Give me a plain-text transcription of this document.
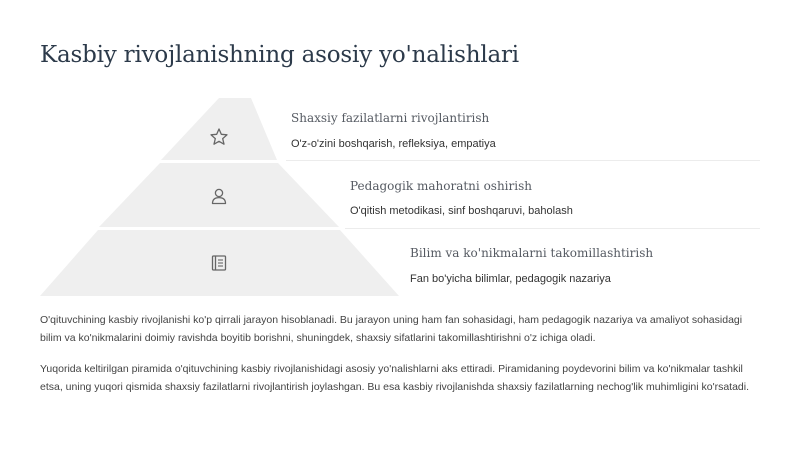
Kasbiy rivojlanishning asosiy yo'nalishlari

Shaxsiy fazilatlarni rivojlantirish

O'z-o'zini boshqarish, refleksiya, empatiya

Pedagogik mahoratni oshirish

O'qitish metodikasi, sinf boshqaruvi, baholash

Bilim va ko'nikmalarni takomillashtirish

Fan bo'yicha bilimlar, pedagogik nazariya

O'qituvchining kasbiy rivojlanishi ko'p qirrali jarayon hisoblanadi. Bu jarayon uning ham fan sohasidagi, ham pedagogik nazariya va amaliyot sohasidagi bilim va ko'nikmalarini doimiy ravishda boyitib borishni, shuningdek, shaxsiy sifatlarini takomillashtirishni o'z ichiga oladi.

Yuqorida keltirilgan piramida o'qituvchining kasbiy rivojlanishidagi asosiy yo'nalishlarni aks ettiradi. Piramidaning poydevorini bilim va ko'nikmalar tashkil etsa, uning yuqori qismida shaxsiy fazilatlarni rivojlantirish joylashgan. Bu esa kasbiy rivojlanishda shaxsiy fazilatlarning nechog'lik muhimligini ko'rsatadi.
